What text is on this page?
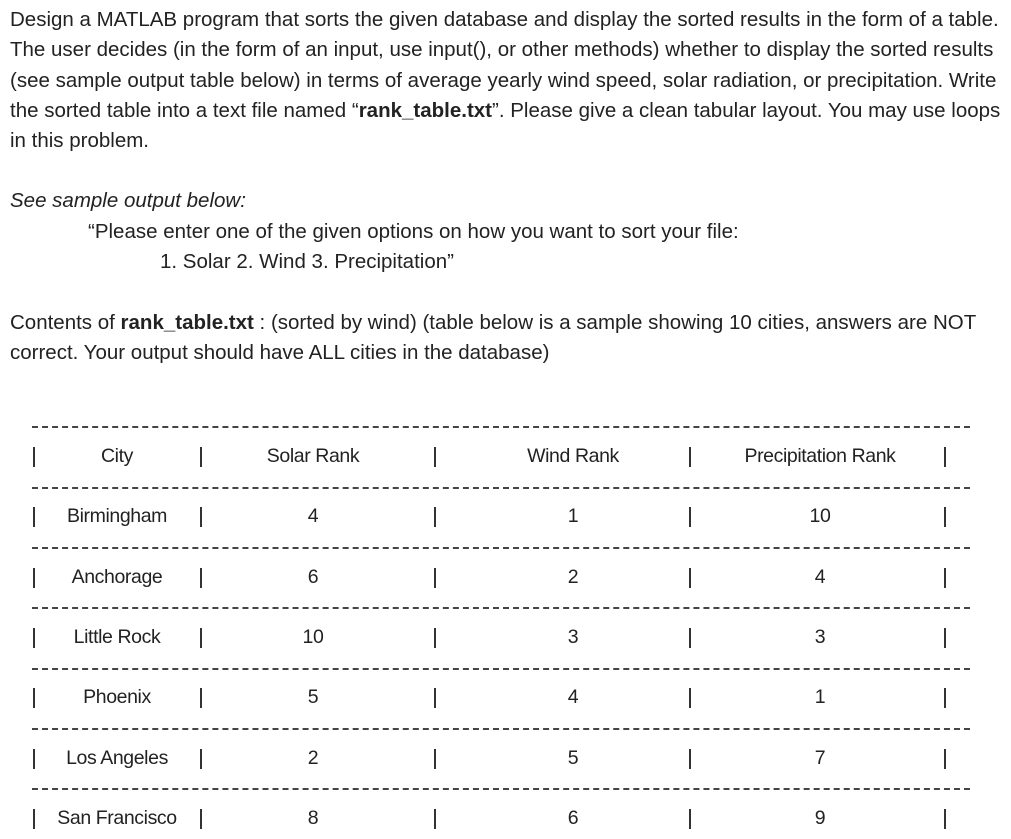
Design a MATLAB program that sorts the given database and display the sorted results in the form of a table. The user decides (in the form of an input, use input(), or other methods) whether to display the sorted results (see sample output table below) in terms of average yearly wind speed, solar radiation, or precipitation. Write the sorted table into a text file named “rank_table.txt”. Please give a clean tabular layout. You may use loops in this problem.
See sample output below:
“Please enter one of the given options on how you want to sort your file:
1. Solar 2. Wind 3. Precipitation”
Contents of rank_table.txt : (sorted by wind) (table below is a sample showing 10 cities, answers are NOT correct. Your output should have ALL cities in the database)
City	Solar Rank	Wind Rank	Precipitation Rank
Birmingham	4	1	10
Anchorage	6	2	4
Little Rock	10	3	3
Phoenix	5	4	1
Los Angeles	2	5	7
San Francisco	8	6	9
